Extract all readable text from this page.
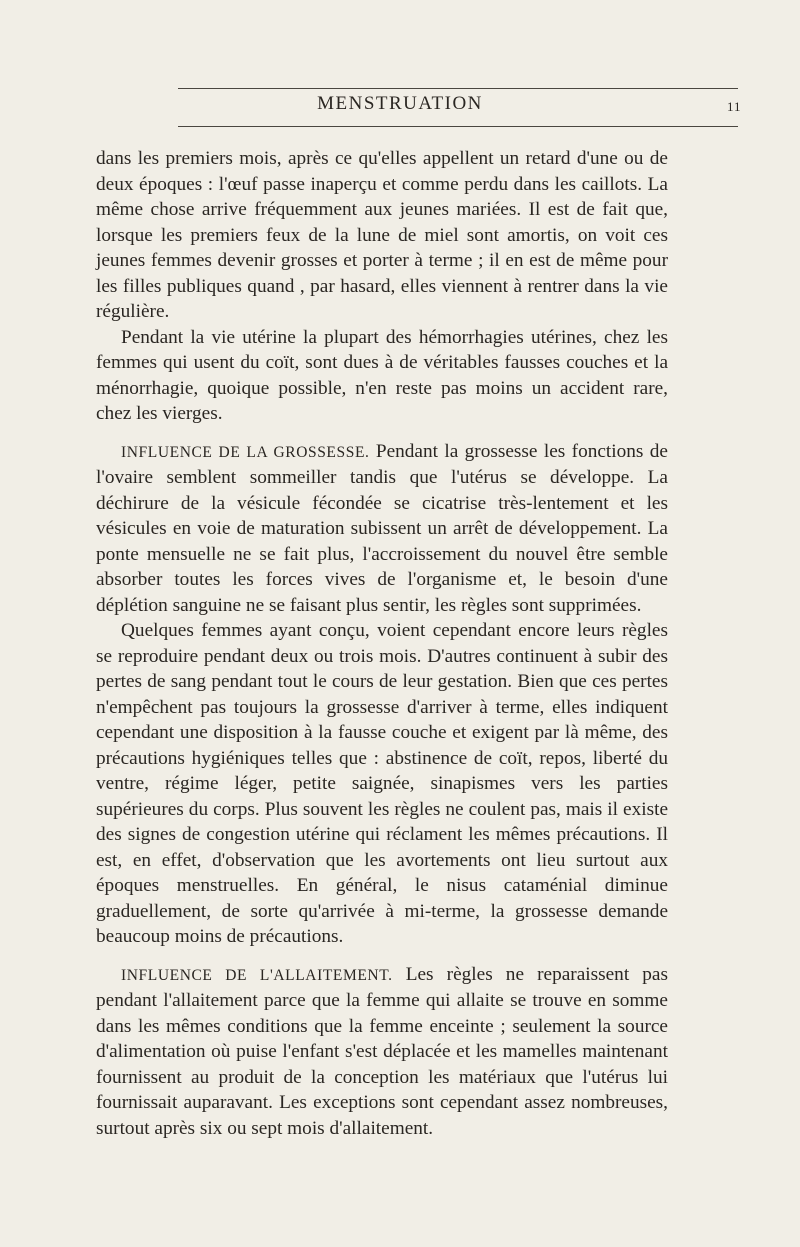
MENSTRUATION	11

dans les premiers mois, après ce qu'elles appellent un retard d'une ou de deux époques : l'œuf passe inaperçu et comme perdu dans les caillots. La même chose arrive fréquemment aux jeunes mariées. Il est de fait que, lorsque les premiers feux de la lune de miel sont amortis, on voit ces jeunes femmes devenir grosses et porter à terme ; il en est de même pour les filles publiques quand , par hasard, elles viennent à rentrer dans la vie régulière.

Pendant la vie utérine la plupart des hémorrhagies utérines, chez les femmes qui usent du coït, sont dues à de véritables fausses couches et la ménorrhagie, quoique possible, n'en reste pas moins un accident rare, chez les vierges.

INFLUENCE DE LA GROSSESSE. Pendant la grossesse les fonctions de l'ovaire semblent sommeiller tandis que l'utérus se développe. La déchirure de la vésicule fécondée se cicatrise très-lentement et les vésicules en voie de maturation subissent un arrêt de développement. La ponte mensuelle ne se fait plus, l'accroissement du nouvel être semble absorber toutes les forces vives de l'organisme et, le besoin d'une déplétion sanguine ne se faisant plus sentir, les règles sont supprimées.

Quelques femmes ayant conçu, voient cependant encore leurs règles se reproduire pendant deux ou trois mois. D'autres continuent à subir des pertes de sang pendant tout le cours de leur gestation. Bien que ces pertes n'empêchent pas toujours la grossesse d'arriver à terme, elles indiquent cependant une disposition à la fausse couche et exigent par là même, des précautions hygiéniques telles que : abstinence de coït, repos, liberté du ventre, régime léger, petite saignée, sinapismes vers les parties supérieures du corps. Plus souvent les règles ne coulent pas, mais il existe des signes de congestion utérine qui réclament les mêmes précautions. Il est, en effet, d'observation que les avortements ont lieu surtout aux époques menstruelles. En général, le nisus cataménial diminue graduellement, de sorte qu'arrivée à mi-terme, la grossesse demande beaucoup moins de précautions.

INFLUENCE DE L'ALLAITEMENT. Les règles ne reparaissent pas pendant l'allaitement parce que la femme qui allaite se trouve en somme dans les mêmes conditions que la femme enceinte ; seulement la source d'alimentation où puise l'enfant s'est déplacée et les mamelles maintenant fournissent au produit de la conception les matériaux que l'utérus lui fournissait auparavant. Les exceptions sont cependant assez nombreuses, surtout après six ou sept mois d'allaitement.
